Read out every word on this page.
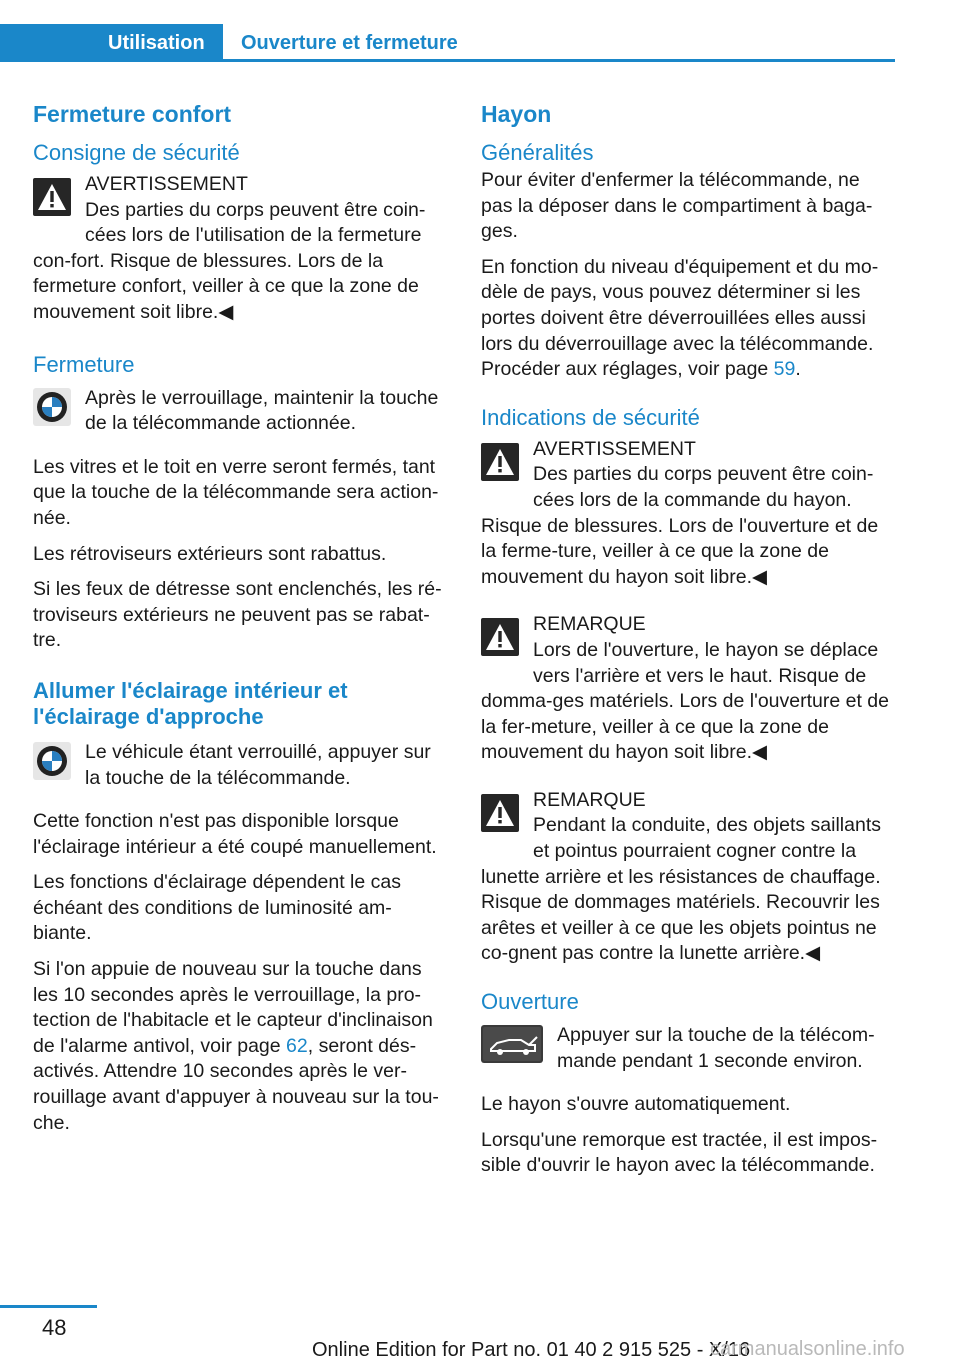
Utilisation	Ouverture et fermeture
Fermeture confort
Consigne de sécurité
AVERTISSEMENT
Des parties du corps peuvent être coin‐cées lors de l'utilisation de la fermeture con‐fort. Risque de blessures. Lors de la fermeture confort, veiller à ce que la zone de mouvement soit libre.◀
Fermeture
Après le verrouillage, maintenir la touche de la télécommande actionnée.

Les vitres et le toit en verre seront fermés, tant que la touche de la télécommande sera action‐née.

Les rétroviseurs extérieurs sont rabattus.

Si les feux de détresse sont enclenchés, les ré‐troviseurs extérieurs ne peuvent pas se rabat‐tre.

Allumer l'éclairage intérieur et l'éclairage d'approche
Le véhicule étant verrouillé, appuyer sur la touche de la télécommande.

Cette fonction n'est pas disponible lorsque l'éclairage intérieur a été coupé manuellement.

Les fonctions d'éclairage dépendent le cas échéant des conditions de luminosité am‐biante.

Si l'on appuie de nouveau sur la touche dans les 10 secondes après le verrouillage, la pro‐tection de l'habitacle et le capteur d'inclinaison de l'alarme antivol, voir page 62, seront dés‐activés. Attendre 10 secondes après le ver‐rouillage avant d'appuyer à nouveau sur la tou‐che.

Hayon
Généralités

Pour éviter d'enfermer la télécommande, ne pas la déposer dans le compartiment à baga‐ges.

En fonction du niveau d'équipement et du mo‐dèle de pays, vous pouvez déterminer si les portes doivent être déverrouillées elles aussi lors du déverrouillage avec la télécommande. Procéder aux réglages, voir page 59.

Indications de sécurité
AVERTISSEMENT
Des parties du corps peuvent être coin‐cées lors de la commande du hayon. Risque de blessures. Lors de l'ouverture et de la ferme‐ture, veiller à ce que la zone de mouvement du hayon soit libre.◀
REMARQUE
Lors de l'ouverture, le hayon se déplace vers l'arrière et vers le haut. Risque de domma‐ges matériels. Lors de l'ouverture et de la fer‐meture, veiller à ce que la zone de mouvement du hayon soit libre.◀
REMARQUE
Pendant la conduite, des objets saillants et pointus pourraient cogner contre la lunette arrière et les résistances de chauffage. Risque de dommages matériels. Recouvrir les arêtes et veiller à ce que les objets pointus ne co‐gnent pas contre la lunette arrière.◀
Ouverture
Appuyer sur la touche de la télécom‐mande pendant 1 seconde environ.

Le hayon s'ouvre automatiquement.

Lorsqu'une remorque est tractée, il est impos‐sible d'ouvrir le hayon avec la télécommande.

48
Online Edition for Part no. 01 40 2 915 525 - X/16
carmanualsonline.info
